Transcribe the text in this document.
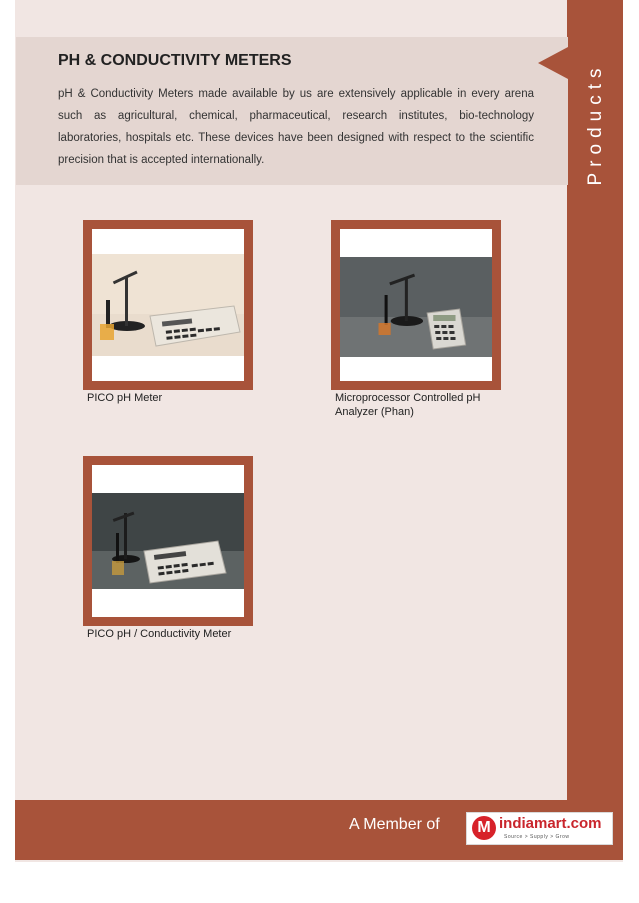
Products
PH & CONDUCTIVITY METERS
pH & Conductivity Meters made available by us are extensively applicable in every arena such as agricultural, chemical, pharmaceutical, research institutes, bio-technology laboratories, hospitals etc. These devices have been designed with respect to the scientific precision that is accepted internationally.
PICO pH Meter	Microprocessor Controlled pH Analyzer (Phan)
PICO pH / Conductivity Meter
A Member of	M indiamart.com
Source > Supply > Grow
